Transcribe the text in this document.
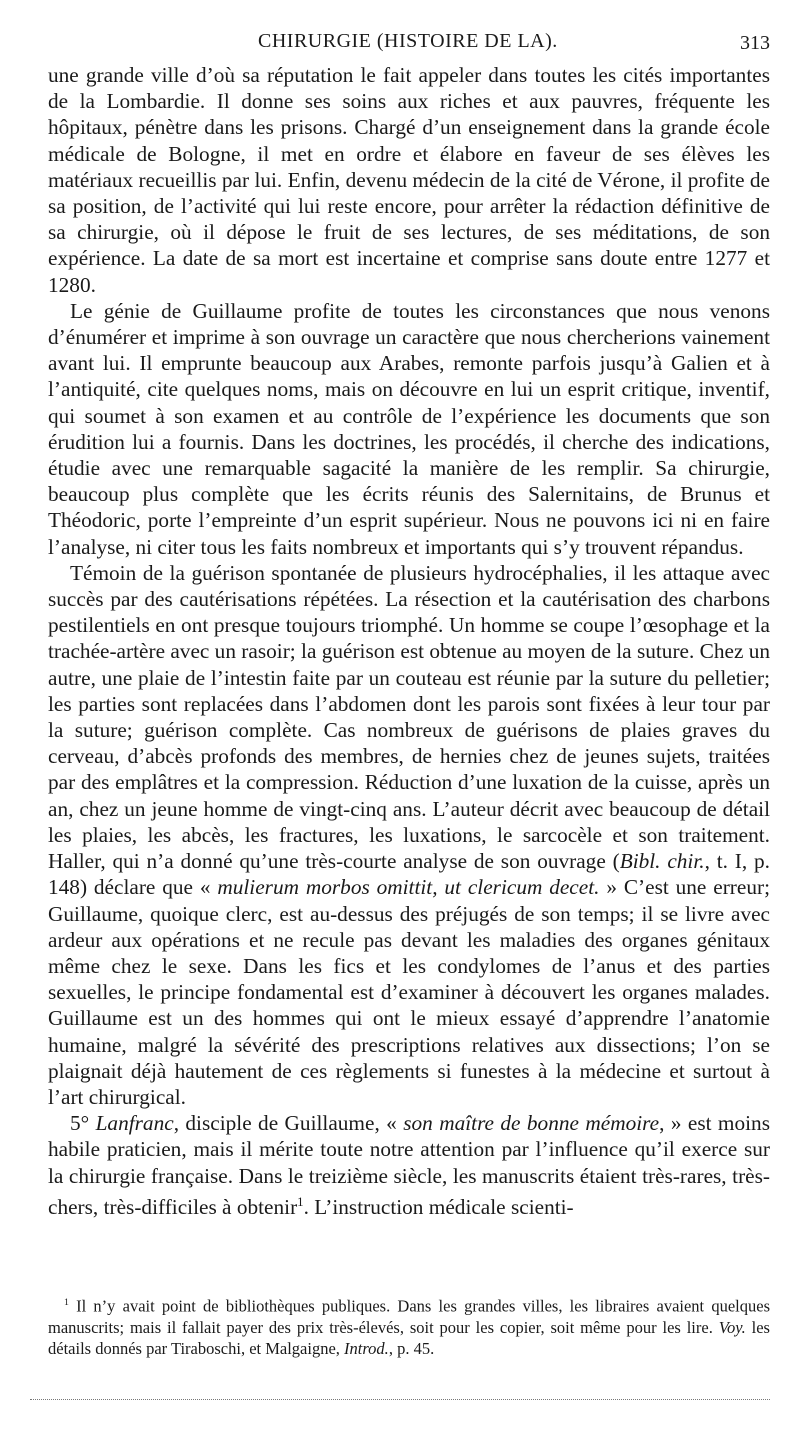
CHIRURGIE (HISTOIRE DE LA).	313

une grande ville d’où sa réputation le fait appeler dans toutes les cités importantes de la Lombardie. Il donne ses soins aux riches et aux pauvres, fréquente les hôpitaux, pénètre dans les prisons. Chargé d’un enseignement dans la grande école médicale de Bologne, il met en ordre et élabore en faveur de ses élèves les matériaux recueillis par lui. Enfin, devenu médecin de la cité de Vérone, il profite de sa position, de l’activité qui lui reste encore, pour arrêter la rédaction définitive de sa chirurgie, où il dépose le fruit de ses lectures, de ses méditations, de son expérience. La date de sa mort est incertaine et comprise sans doute entre 1277 et 1280.

Le génie de Guillaume profite de toutes les circonstances que nous venons d’énumérer et imprime à son ouvrage un caractère que nous chercherions vainement avant lui. Il emprunte beaucoup aux Arabes, remonte parfois jusqu’à Galien et à l’antiquité, cite quelques noms, mais on découvre en lui un esprit critique, inventif, qui soumet à son examen et au contrôle de l’expérience les documents que son érudition lui a fournis. Dans les doctrines, les procédés, il cherche des indications, étudie avec une remarquable sagacité la manière de les remplir. Sa chirurgie, beaucoup plus complète que les écrits réunis des Salernitains, de Brunus et Théodoric, porte l’empreinte d’un esprit supérieur. Nous ne pouvons ici ni en faire l’analyse, ni citer tous les faits nombreux et importants qui s’y trouvent répandus.

Témoin de la guérison spontanée de plusieurs hydrocéphalies, il les attaque avec succès par des cautérisations répétées. La résection et la cautérisation des charbons pestilentiels en ont presque toujours triomphé. Un homme se coupe l’œsophage et la trachée-artère avec un rasoir; la guérison est obtenue au moyen de la suture. Chez un autre, une plaie de l’intestin faite par un couteau est réunie par la suture du pelletier; les parties sont replacées dans l’abdomen dont les parois sont fixées à leur tour par la suture; guérison complète. Cas nombreux de guérisons de plaies graves du cerveau, d’abcès profonds des membres, de hernies chez de jeunes sujets, traitées par des emplâtres et la compression. Réduction d’une luxation de la cuisse, après un an, chez un jeune homme de vingt-cinq ans. L’auteur décrit avec beaucoup de détail les plaies, les abcès, les fractures, les luxations, le sarcocèle et son traitement. Haller, qui n’a donné qu’une très-courte analyse de son ouvrage (Bibl. chir., t. I, p. 148) déclare que « mulierum morbos omittit, ut clericum decet. » C’est une erreur; Guillaume, quoique clerc, est au-dessus des préjugés de son temps; il se livre avec ardeur aux opérations et ne recule pas devant les maladies des organes génitaux même chez le sexe. Dans les fics et les condylomes de l’anus et des parties sexuelles, le principe fondamental est d’examiner à découvert les organes malades. Guillaume est un des hommes qui ont le mieux essayé d’apprendre l’anatomie humaine, malgré la sévérité des prescriptions relatives aux dissections; l’on se plaignait déjà hautement de ces règlements si funestes à la médecine et surtout à l’art chirurgical.

5° Lanfranc, disciple de Guillaume, « son maître de bonne mémoire, » est moins habile praticien, mais il mérite toute notre attention par l’influence qu’il exerce sur la chirurgie française. Dans le treizième siècle, les manuscrits étaient très-rares, très-chers, très-difficiles à obtenir$^1$. L’instruction médicale scienti-

$^1$ Il n’y avait point de bibliothèques publiques. Dans les grandes villes, les libraires avaient quelques manuscrits; mais il fallait payer des prix très-élevés, soit pour les copier, soit même pour les lire. Voy. les détails donnés par Tiraboschi, et Malgaigne, Introd., p. 45.
